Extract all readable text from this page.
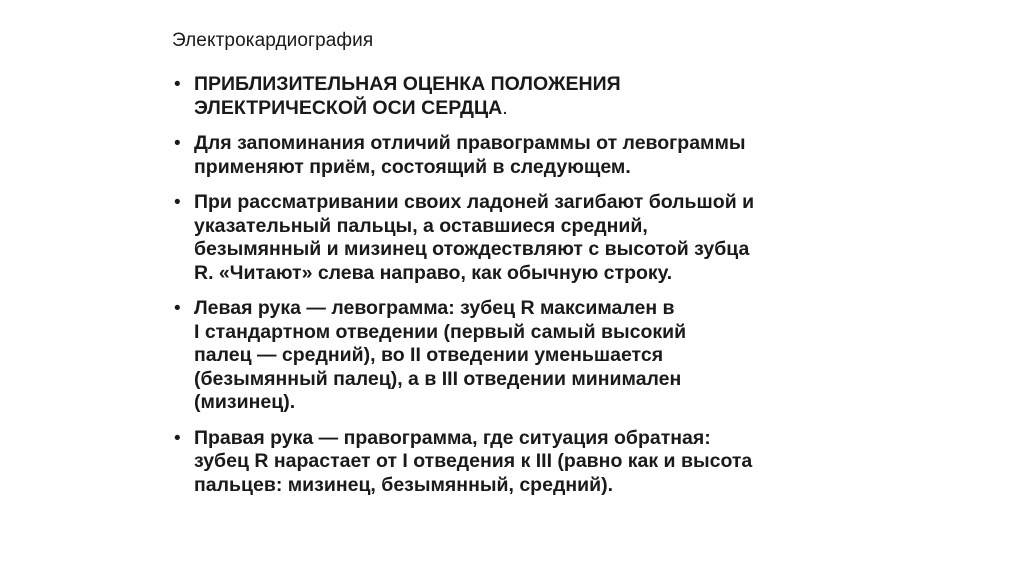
Электрокардиография
• ПРИБЛИЗИТЕЛЬНАЯ ОЦЕНКА ПОЛОЖЕНИЯ
ЭЛЕКТРИЧЕСКОЙ ОСИ СЕРДЦА.
• Для запоминания отличий правограммы от левограммы
применяют приём, состоящий в следующем.
• При рассматривании своих ладоней загибают большой и
указательный пальцы, а оставшиеся средний,
безымянный и мизинец отождествляют с высотой зубца
R. «Читают» слева направо, как обычную строку.
• Левая рука — левограмма: зубец R максимален в
I стандартном отведении (первый самый высокий
палец — средний), во II отведении уменьшается
(безымянный палец), а в III отведении минимален
(мизинец).
• Правая рука — правограмма, где ситуация обратная:
зубец R нарастает от I отведения к III (равно как и высота
пальцев: мизинец, безымянный, средний).
